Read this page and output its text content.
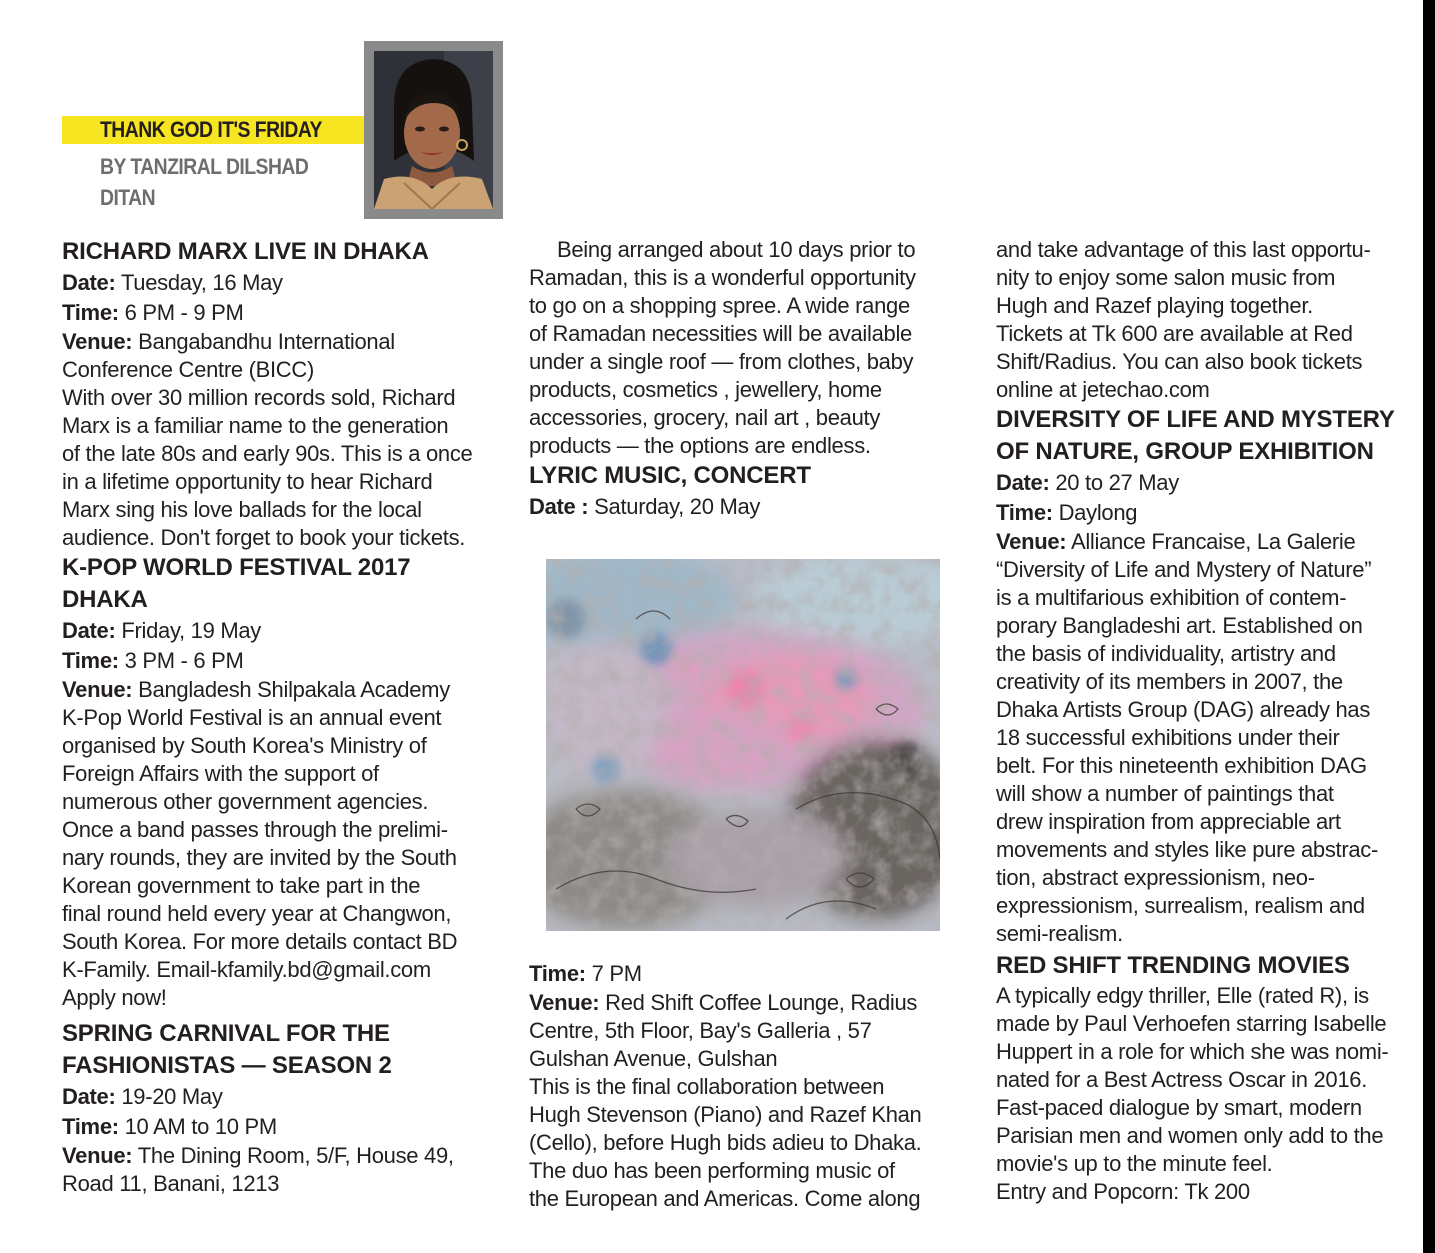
THANK GOD IT'S FRIDAY
BY TANZIRAL DILSHAD
DITAN
RICHARD MARX LIVE IN DHAKA
Date: Tuesday, 16 May
Time: 6 PM - 9 PM
Venue: Bangabandhu International
Conference Centre (BICC)
With over 30 million records sold, Richard
Marx is a familiar name to the generation
of the late 80s and early 90s. This is a once
in a lifetime opportunity to hear Richard
Marx sing his love ballads for the local
audience. Don't forget to book your tickets.
K-POP WORLD FESTIVAL 2017
DHAKA
Date: Friday, 19 May
Time: 3 PM - 6 PM
Venue: Bangladesh Shilpakala Academy
K-Pop World Festival is an annual event
organised by South Korea's Ministry of
Foreign Affairs with the support of
numerous other government agencies.
Once a band passes through the prelimi-
nary rounds, they are invited by the South
Korean government to take part in the
final round held every year at Changwon,
South Korea. For more details contact BD
K-Family. Email-kfamily.bd@gmail.com
Apply now!
SPRING CARNIVAL FOR THE
FASHIONISTAS — SEASON 2
Date: 19-20 May
Time: 10 AM to 10 PM
Venue: The Dining Room, 5/F, House 49,
Road 11, Banani, 1213
Being arranged about 10 days prior to
Ramadan, this is a wonderful opportunity
to go on a shopping spree. A wide range
of Ramadan necessities will be available
under a single roof — from clothes, baby
products, cosmetics , jewellery, home
accessories, grocery, nail art , beauty
products — the options are endless.
LYRIC MUSIC, CONCERT
Date : Saturday, 20 May
Time: 7 PM
Venue: Red Shift Coffee Lounge, Radius
Centre, 5th Floor, Bay's Galleria , 57
Gulshan Avenue, Gulshan
This is the final collaboration between
Hugh Stevenson (Piano) and Razef Khan
(Cello), before Hugh bids adieu to Dhaka.
The duo has been performing music of
the European and Americas. Come along
and take advantage of this last opportu-
nity to enjoy some salon music from
Hugh and Razef playing together.
Tickets at Tk 600 are available at Red
Shift/Radius. You can also book tickets
online at jetechao.com
DIVERSITY OF LIFE AND MYSTERY
OF NATURE, GROUP EXHIBITION
Date: 20 to 27 May
Time: Daylong
Venue: Alliance Francaise, La Galerie
“Diversity of Life and Mystery of Nature”
is a multifarious exhibition of contem-
porary Bangladeshi art. Established on
the basis of individuality, artistry and
creativity of its members in 2007, the
Dhaka Artists Group (DAG) already has
18 successful exhibitions under their
belt. For this nineteenth exhibition DAG
will show a number of paintings that
drew inspiration from appreciable art
movements and styles like pure abstrac-
tion, abstract expressionism, neo-
expressionism, surrealism, realism and
semi-realism.
RED SHIFT TRENDING MOVIES
A typically edgy thriller, Elle (rated R), is
made by Paul Verhoefen starring Isabelle
Huppert in a role for which she was nomi-
nated for a Best Actress Oscar in 2016.
Fast-paced dialogue by smart, modern
Parisian men and women only add to the
movie's up to the minute feel.
Entry and Popcorn: Tk 200
